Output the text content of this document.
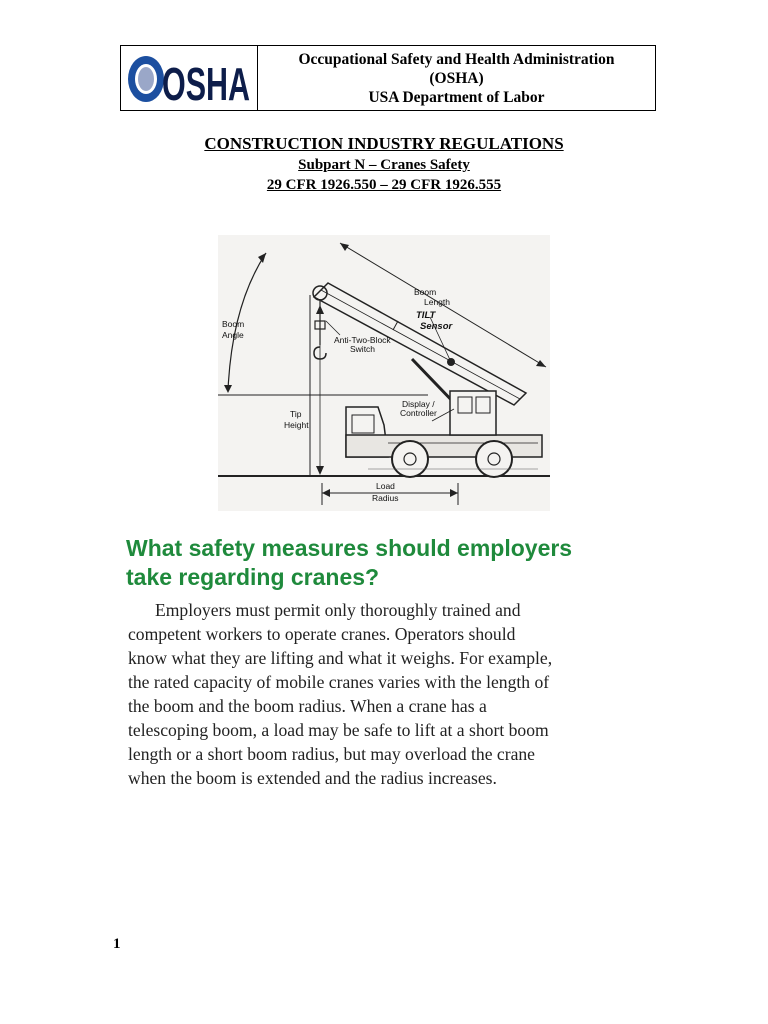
OSHA	Occupational Safety and Health Administration
(OSHA)
USA Department of Labor
CONSTRUCTION INDUSTRY REGULATIONS
Subpart N – Cranes Safety
29 CFR 1926.550 – 29 CFR 1926.555
Boom
Length
TILT
Sensor
Boom
Angle	Anti-Two-Block
Switch
Display /
Controller
Tip
Height
Load
Radius
What safety measures should employers
take regarding cranes?
Employers must permit only thoroughly trained and
competent workers to operate cranes. Operators should
know what they are lifting and what it weighs. For example,
the rated capacity of mobile cranes varies with the length of
the boom and the boom radius. When a crane has a
telescoping boom, a load may be safe to lift at a short boom
length or a short boom radius, but may overload the crane
when the boom is extended and the radius increases.
1
